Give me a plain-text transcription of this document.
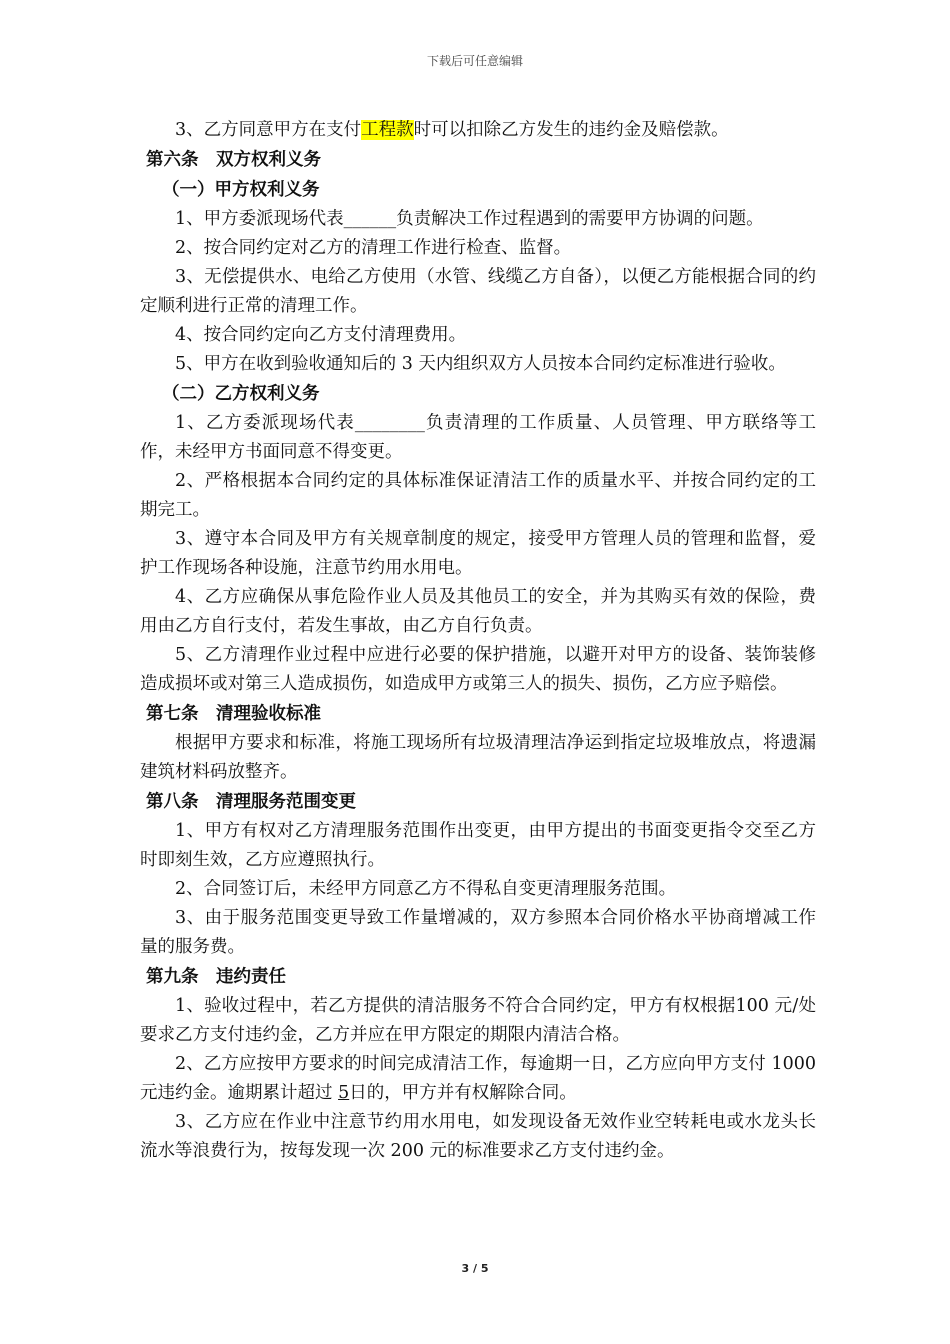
下载后可任意编辑

3、乙方同意甲方在支付工程款时可以扣除乙方发生的违约金及赔偿款。

第六条　双方权利义务

（一）甲方权利义务

1、甲方委派现场代表______负责解决工作过程遇到的需要甲方协调的问题。

2、按合同约定对乙方的清理工作进行检查、监督。

3、无偿提供水、电给乙方使用（水管、线缆乙方自备），以便乙方能根据合同的约定顺利进行正常的清理工作。

4、按合同约定向乙方支付清理费用。

5、甲方在收到验收通知后的 3 天内组织双方人员按本合同约定标准进行验收。

（二）乙方权利义务

1、乙方委派现场代表________负责清理的工作质量、人员管理、甲方联络等工作，未经甲方书面同意不得变更。

2、严格根据本合同约定的具体标准保证清洁工作的质量水平、并按合同约定的工期完工。

3、遵守本合同及甲方有关规章制度的规定，接受甲方管理人员的管理和监督，爱护工作现场各种设施，注意节约用水用电。

4、乙方应确保从事危险作业人员及其他员工的安全，并为其购买有效的保险，费用由乙方自行支付，若发生事故，由乙方自行负责。

5、乙方清理作业过程中应进行必要的保护措施，以避开对甲方的设备、装饰装修造成损坏或对第三人造成损伤，如造成甲方或第三人的损失、损伤，乙方应予赔偿。

第七条　清理验收标准

根据甲方要求和标准，将施工现场所有垃圾清理洁净运到指定垃圾堆放点，将遗漏建筑材料码放整齐。

第八条　清理服务范围变更

1、甲方有权对乙方清理服务范围作出变更，由甲方提出的书面变更指令交至乙方时即刻生效，乙方应遵照执行。

2、合同签订后，未经甲方同意乙方不得私自变更清理服务范围。

3、由于服务范围变更导致工作量增减的，双方参照本合同价格水平协商增减工作量的服务费。

第九条　违约责任

1、验收过程中，若乙方提供的清洁服务不符合合同约定，甲方有权根据100 元/处要求乙方支付违约金，乙方并应在甲方限定的期限内清洁合格。

2、乙方应按甲方要求的时间完成清洁工作，每逾期一日，乙方应向甲方支付 1000 元违约金。逾期累计超过 5日的，甲方并有权解除合同。

3、乙方应在作业中注意节约用水用电，如发现设备无效作业空转耗电或水龙头长流水等浪费行为，按每发现一次 200 元的标准要求乙方支付违约金。

3 / 5
